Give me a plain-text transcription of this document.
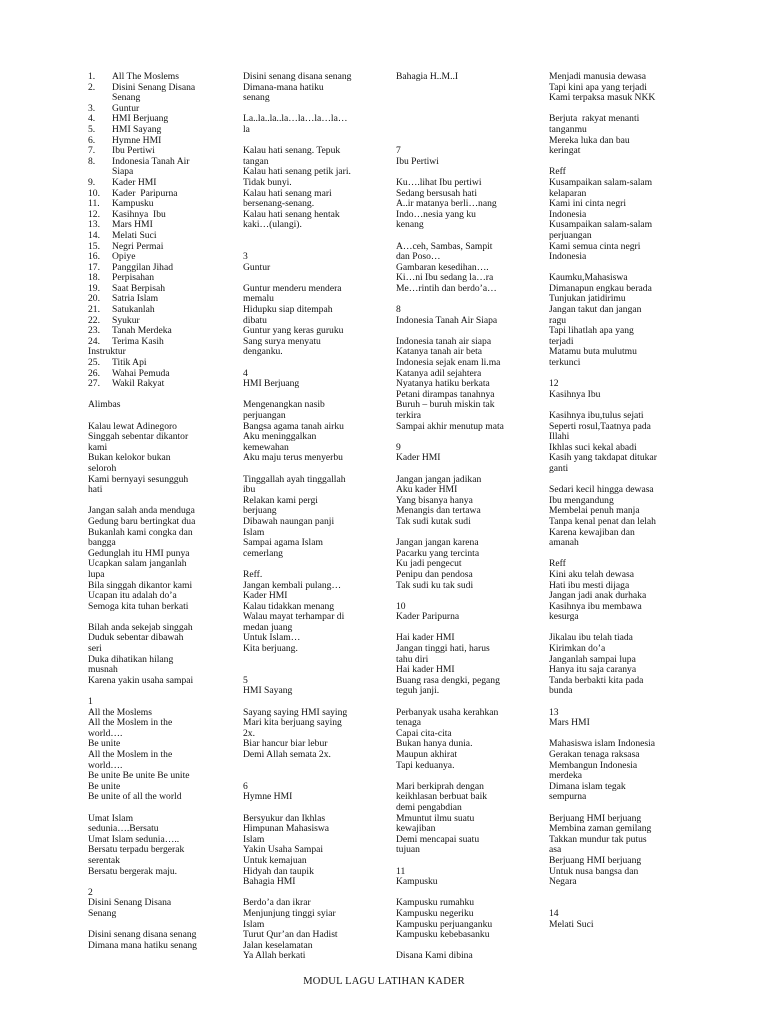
1.	All The Moslems
2.	Disini Senang Disana
Senang
3.	Guntur
4.	HMI Berjuang
5.	HMI Sayang
6.	Hymne HMI
7.	Ibu Pertiwi
8.	Indonesia Tanah Air
Siapa
9.	Kader HMI
10.	Kader  Paripurna
11.	Kampusku
12.	Kasihnya  Ibu
13.	Mars HMI
14.	Melati Suci
15.	Negri Permai
16.	Opiye
17.	Panggilan Jihad
18.	Perpisahan
19.	Saat Berpisah
20.	Satria Islam
21.	Satukanlah
22.	Syukur
23.	Tanah Merdeka
24. Terima Kasih
Instruktur
25.	Titik Api
26.	Wahai Pemuda
27.	Wakil Rakyat
Alimbas
Kalau lewat Adinegoro
Singgah sebentar dikantor
kami
Bukan kelokor bukan
seloroh
Kami bernyayi sesungguh
hati
Jangan salah anda menduga
Gedung baru bertingkat dua
Bukanlah kami congka dan
bangga
Gedunglah itu HMI punya
Ucapkan salam janganlah
lupa
Bila singgah dikantor kami
Ucapan itu adalah do’a
Semoga kita tuhan berkati
Bilah anda sekejab singgah
Duduk sebentar dibawah
seri
Duka dihatikan hilang
musnah
Karena yakin usaha sampai
1
All the Moslems
All the Moslem in the
world….
Be unite
All the Moslem in the
world….
Be unite Be unite Be unite
Be unite
Be unite of all the world
Umat Islam
sedunia….Bersatu
Umat Islam sedunia…..
Bersatu terpadu bergerak
serentak
Bersatu bergerak maju.
2
Disini Senang Disana
Senang
Disini senang disana senang
Dimana mana hatiku senang
Disini senang disana senang
Dimana-mana hatiku
senang
La..la..la..la…la…la…la…
la
Kalau hati senang. Tepuk
tangan
Kalau hati senang petik jari.
Tidak bunyi.
Kalau hati senang mari
bersenang-senang.
Kalau hati senang hentak
kaki…(ulangi).
3
Guntur
Guntur menderu mendera
memalu
Hidupku siap ditempah
dibatu
Guntur yang keras guruku
Sang surya menyatu
denganku.
4
HMI Berjuang
Mengenangkan nasib
perjuangan
Bangsa agama tanah airku
Aku meninggalkan
kemewahan
Aku maju terus menyerbu
Tinggallah ayah tinggallah
ibu
Relakan kami pergi
berjuang
Dibawah naungan panji
Islam
Sampai agama Islam
cemerlang
Reff.
Jangan kembali pulang…
Kader HMI
Kalau tidakkan menang
Walau mayat terhampar di
medan juang
Untuk Islam…
Kita berjuang.
5
HMI Sayang
Sayang saying HMI saying
Mari kita berjuang saying
2x.
Biar hancur biar lebur
Demi Allah semata 2x.
6
Hymne HMI
Bersyukur dan Ikhlas
Himpunan Mahasiswa
Islam
Yakin Usaha Sampai
Untuk kemajuan
Hidyah dan taupik
Bahagia HMI
Berdo’a dan ikrar
Menjunjung tinggi syiar
Islam
Turut Qur’an dan Hadist
Jalan keselamatan
Ya Allah berkati
Bahagia H..M..I
7
Ibu Pertiwi
Ku….lihat Ibu pertiwi
Sedang bersusah hati
A..ir matanya berli…nang
Indo…nesia yang ku
kenang
A…ceh, Sambas, Sampit
dan Poso…
Gambaran kesedihan….
Ki…ni Ibu sedang la…ra
Me…rintih dan berdo’a…
8
Indonesia Tanah Air Siapa
Indonesia tanah air siapa
Katanya tanah air beta
Indonesia sejak enam li.ma
Katanya adil sejahtera
Nyatanya hatiku berkata
Petani dirampas tanahnya
Buruh – buruh miskin tak
terkira
Sampai akhir menutup mata
9
Kader HMI
Jangan jangan jadikan
Aku kader HMI
Yang bisanya hanya
Menangis dan tertawa
Tak sudi kutak sudi
Jangan jangan karena
Pacarku yang tercinta
Ku jadi pengecut
Penipu dan pendosa
Tak sudi ku tak sudi
10
Kader Paripurna
Hai kader HMI
Jangan tinggi hati, harus
tahu diri
Hai kader HMI
Buang rasa dengki, pegang
teguh janji.
Perbanyak usaha kerahkan
tenaga
Capai cita-cita
Bukan hanya dunia.
Maupun akhirat
Tapi keduanya.
Mari berkiprah dengan
keikhlasan berbuat baik
demi pengabdian
Mmuntut ilmu suatu
kewajiban
Demi mencapai suatu
tujuan
11
Kampusku
Kampusku rumahku
Kampusku negeriku
Kampusku perjuanganku
Kampusku kebebasanku
Disana Kami dibina
Menjadi manusia dewasa
Tapi kini apa yang terjadi
Kami terpaksa masuk NKK
Berjuta  rakyat menanti
tanganmu
Mereka luka dan bau
keringat
Reff
Kusampaikan salam-salam
kelaparan
Kami ini cinta negri
Indonesia
Kusampaikan salam-salam
perjuangan
Kami semua cinta negri
Indonesia
Kaumku,Mahasiswa
Dimanapun engkau berada
Tunjukan jatidirimu
Jangan takut dan jangan
ragu
Tapi lihatlah apa yang
terjadi
Matamu buta mulutmu
terkunci
12
Kasihnya Ibu
Kasihnya ibu,tulus sejati
Seperti rosul,Taatnya pada
Illahi
Ikhlas suci kekal abadi
Kasih yang takdapat ditukar
ganti
Sedari kecil hingga dewasa
Ibu mengandung
Membelai penuh manja
Tanpa kenal penat dan lelah
Karena kewajiban dan
amanah
Reff
Kini aku telah dewasa
Hati ibu mesti dijaga
Jangan jadi anak durhaka
Kasihnya ibu membawa
kesurga
Jikalau ibu telah tiada
Kirimkan do’a
Janganlah sampai lupa
Hanya itu saja caranya
Tanda berbakti kita pada
bunda
13
Mars HMI
Mahasiswa islam Indonesia
Gerakan tenaga raksasa
Membangun Indonesia
merdeka
Dimana islam tegak
sempurna
Berjuang HMI berjuang
Membina zaman gemilang
Takkan mundur tak putus
asa
Berjuang HMI berjuang
Untuk nusa bangsa dan
Negara
14
Melati Suci
MODUL LAGU LATIHAN KADER
